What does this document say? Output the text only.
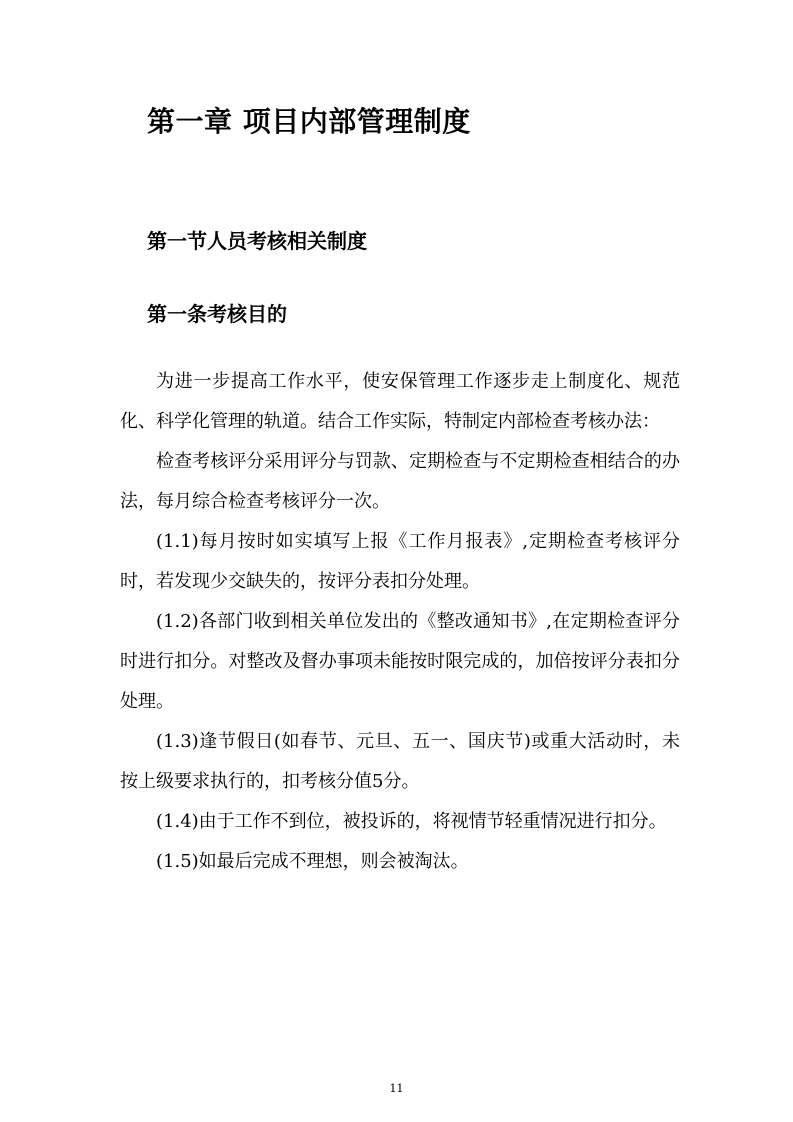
第一章 项目内部管理制度
第一节人员考核相关制度
第一条考核目的

为进一步提高工作水平，使安保管理工作逐步走上制度化、规范化、科学化管理的轨道。结合工作实际，特制定内部检查考核办法：

检查考核评分采用评分与罚款、定期检查与不定期检查相结合的办法，每月综合检查考核评分一次。

(1.1)每月按时如实填写上报《工作月报表》,定期检查考核评分时，若发现少交缺失的，按评分表扣分处理。

(1.2)各部门收到相关单位发出的《整改通知书》,在定期检查评分时进行扣分。对整改及督办事项未能按时限完成的，加倍按评分表扣分处理。

(1.3)逢节假日(如春节、元旦、五一、国庆节)或重大活动时，未按上级要求执行的，扣考核分值5分。

(1.4)由于工作不到位，被投诉的，将视情节轻重情况进行扣分。

(1.5)如最后完成不理想，则会被淘汰。

11
